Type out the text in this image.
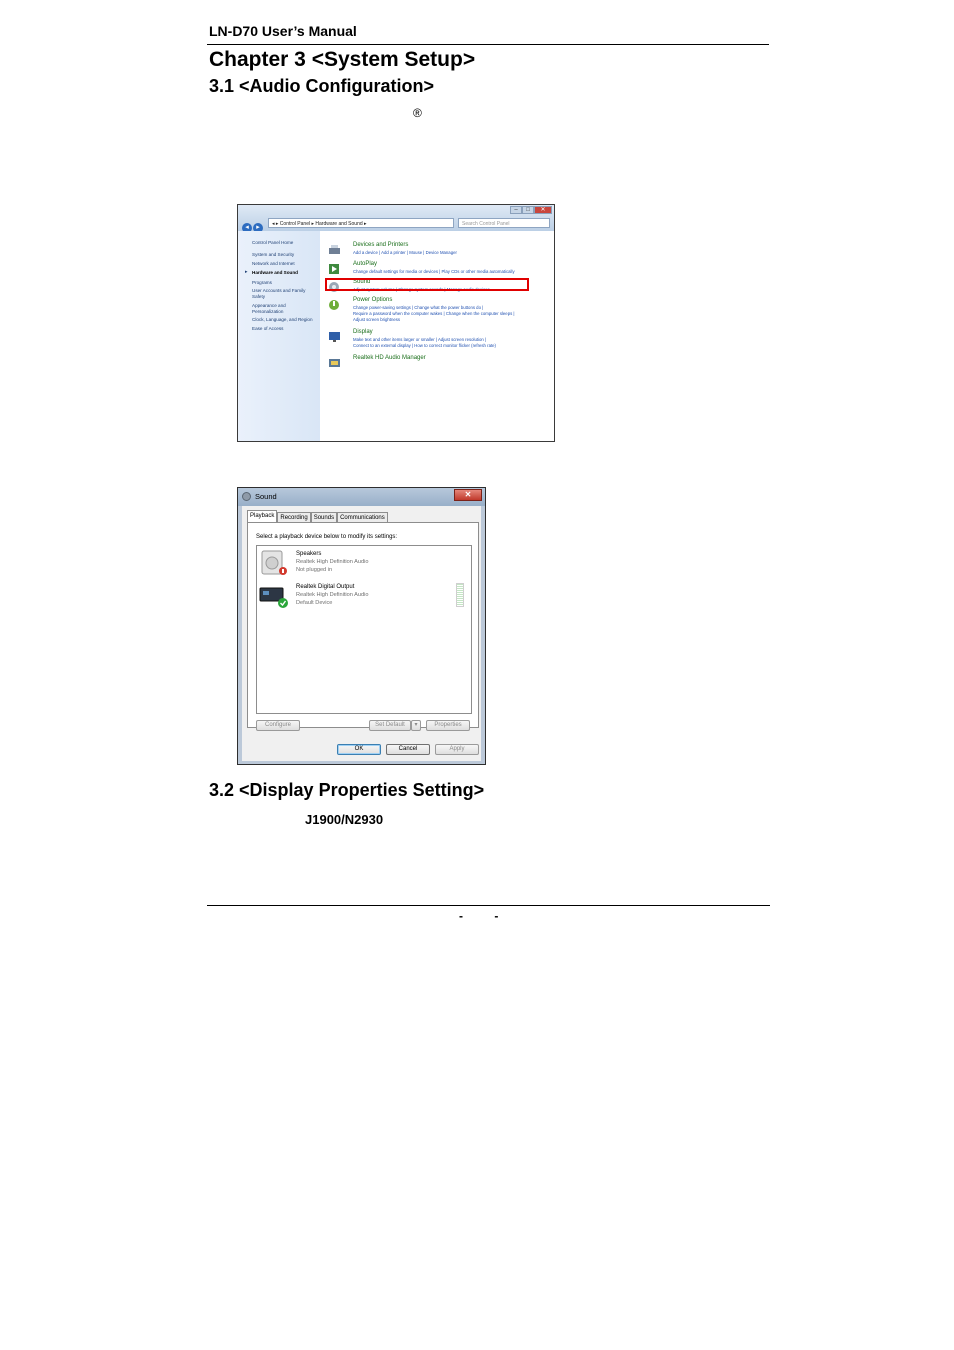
LN-D70 User’s Manual
Chapter 3 <System Setup>
3.1 <Audio Configuration>
®
–	□	✕
◂ ▸	◂ ▸ Control Panel ▸ Hardware and Sound ▸	Search Control Panel
Control Panel Home
System and Security
Network and Internet
Hardware and Sound
Programs
User Accounts and Family
Safety
Appearance and
Personalization
Clock, Language, and Region
Ease of Access
▸
Devices and Printers
Add a device | Add a printer | Mouse | Device Manager
AutoPlay
Change default settings for media or devices | Play CDs or other media automatically
Sound
Adjust system volume | Change system sounds | Manage audio devices
Power Options
Change power-saving settings | Change what the power buttons do |
Require a password when the computer wakes | Change when the computer sleeps |
Adjust screen brightness
Display
Make text and other items larger or smaller | Adjust screen resolution |
Connect to an external display | How to correct monitor flicker (refresh rate)
Realtek HD Audio Manager
Sound	✕
Playback	Recording	Sounds	Communications
Select a playback device below to modify its settings:
Speakers
Realtek High Definition Audio
Not plugged in
Realtek Digital Output
Realtek High Definition Audio
Default Device
Configure	Set Default	▾	Properties
OK	Cancel	Apply
3.2 <Display Properties Setting>
J1900/N2930
- -
